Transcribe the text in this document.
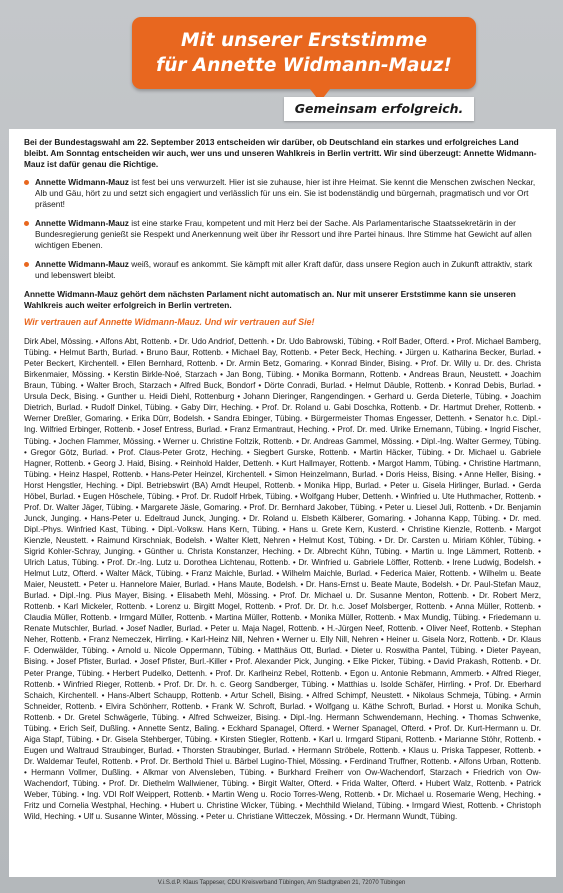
Mit unserer Erststimme
für Annette Widmann-Mauz!
Gemeinsam erfolgreich.

Bei der Bundestagswahl am 22. September 2013 entscheiden wir darüber, ob Deutschland ein starkes und erfolgreiches Land bleibt. Am Sonntag entscheiden wir auch, wer uns und unseren Wahlkreis in Berlin vertritt. Wir sind überzeugt: Annette Widmann-Mauz ist dafür genau die Richtige.

Annette Widmann-Mauz ist fest bei uns verwurzelt. Hier ist sie zuhause, hier ist ihre Heimat. Sie kennt die Menschen zwischen Neckar, Alb und Gäu, hört zu und setzt sich engagiert und verlässlich für uns ein. Sie ist bodenständig und bürgernah, pragmatisch und vor Ort präsent!

Annette Widmann-Mauz ist eine starke Frau, kompetent und mit Herz bei der Sache. Als Parlamentarische Staatssekretärin in der Bundesregierung genießt sie Respekt und Anerkennung weit über ihr Ressort und ihre Partei hinaus. Ihre Stimme hat Gewicht auf allen wichtigen Ebenen.

Annette Widmann-Mauz weiß, worauf es ankommt. Sie kämpft mit aller Kraft dafür, dass unsere Region auch in Zukunft attraktiv, stark und lebenswert bleibt.

Annette Widmann-Mauz gehört dem nächsten Parlament nicht automatisch an. Nur mit unserer Erststimme kann sie unseren Wahlkreis auch weiter erfolgreich in Berlin vertreten.

Wir vertrauen auf Annette Widmann-Mauz. Und wir vertrauen auf Sie!

Dirk Abel, Mössing. • Alfons Abt, Rottenb. • Dr. Udo Andriof, Dettenh. • Dr. Udo Babrowski, Tübing. • Rolf Bader, Ofterd. • Prof. Michael Bamberg, Tübing. • Helmut Barth, Burlad. • Bruno Baur, Rottenb. • Michael Bay, Rottenb. • Peter Beck, Heching. • Jürgen u. Katharina Becker, Burlad. • Peter Beckert, Kirchentell. • Ellen Bernhard, Rottenb. • Dr. Armin Betz, Gomaring. • Konrad Binder, Bising. • Prof. Dr. Willy u. Dr. des. Christa Birkenmaier, Mössing. • Kerstin Birkle-Noé, Starzach • Jan Bong, Tübing. • Monika Bormann, Rottenb. • Andreas Braun, Neustett. • Joachim Braun, Tübing. • Walter Broch, Starzach • Alfred Buck, Bondorf • Dörte Conradi, Burlad. • Helmut Däuble, Rottenb. • Konrad Debis, Burlad. • Ursula Deck, Bising. • Gunther u. Heidi Diehl, Rottenburg • Johann Dieringer, Rangendingen. • Gerhard u. Gerda Dieterle, Tübing. • Joachim Dietrich, Burlad. • Rudolf Dinkel, Tübing. • Gaby Dirr, Heching. • Prof. Dr. Roland u. Gabi Doschka, Rottenb. • Dr. Hartmut Dreher, Rottenb. • Werner Dreßler, Gomaring. • Erika Dürr, Bodelsh. • Sandra Ebinger, Tübing. • Bürgermeister Thomas Engesser, Dettenh. • Senator h.c. Dipl.-Ing. Wilfried Erbinger, Rottenb. • Josef Entress, Burlad. • Franz Ermantraut, Heching. • Prof. Dr. med. Ulrike Ernemann, Tübing. • Ingrid Fischer, Tübing. • Jochen Flammer, Mössing. • Werner u. Christine Foltzik, Rottenb. • Dr. Andreas Gammel, Mössing. • Dipl.-Ing. Walter Germey, Tübing. • Gregor Götz, Burlad. • Prof. Claus-Peter Grotz, Heching. • Siegbert Gurske, Rottenb. • Martin Häcker, Tübing. • Dr. Michael u. Gabriele Hagner, Rottenb. • Georg J. Haid, Bising. • Reinhold Halder, Dettenh. • Kurt Hallmayer, Rottenb. • Margot Hamm, Tübing. • Christine Hartmann, Tübing. • Heinz Haspel, Rottenb. • Hans-Peter Heinzel, Kirchentell. • Simon Heinzelmann, Burlad. • Doris Heiss, Bising. • Anne Heller, Bising. • Horst Hengstler, Heching. • Dipl. Betriebswirt (BA) Arndt Heupel, Rottenb. • Monika Hipp, Burlad. • Peter u. Gisela Hirlinger, Burlad. • Gerda Höbel, Burlad. • Eugen Höschele, Tübing. • Prof. Dr. Rudolf Hrbek, Tübing. • Wolfgang Huber, Dettenh. • Winfried u. Ute Huthmacher, Rottenb. • Prof. Dr. Walter Jäger, Tübing. • Margarete Jäsle, Gomaring. • Prof. Dr. Bernhard Jakober, Tübing. • Peter u. Liesel Juli, Rottenb. • Dr. Benjamin Junck, Junging. • Hans-Peter u. Edeltraud Junck, Junging. • Dr. Roland u. Elsbeth Kälberer, Gomaring. • Johanna Kapp, Tübing. • Dr. med. Dipl.-Phys. Winfried Kast, Tübing. • Dipl.-Volksw. Hans Kern, Tübing. • Hans u. Grete Kern, Kusterd. • Christine Kienzle, Rottenb. • Margot Kienzle, Neustett. • Raimund Kirschniak, Bodelsh. • Walter Klett, Nehren • Helmut Kost, Tübing. • Dr. Dr. Carsten u. Miriam Köhler, Tübing. • Sigrid Kohler-Schray, Junging. • Günther u. Christa Konstanzer, Heching. • Dr. Albrecht Kühn, Tübing. • Martin u. Inge Lämmert, Rottenb. • Ulrich Latus, Tübing. • Prof. Dr.-Ing. Lutz u. Dorothea Lichtenau, Rottenb. • Dr. Winfried u. Gabriele Löffler, Rottenb. • Irene Ludwig, Bodelsh. • Helmut Lutz, Ofterd. • Walter Mäck, Tübing. • Franz Maichle, Burlad. • Wilhelm Maichle, Burlad. • Federica Maier, Rottenb. • Wilhelm u. Beate Maier, Neustett. • Peter u. Hannelore Maier, Burlad. • Hans Maute, Bodelsh. • Dr. Hans-Ernst u. Beate Maute, Bodelsh. • Dr. Paul-Stefan Mauz, Burlad. • Dipl.-Ing. Pius Mayer, Bising. • Elisabeth Mehl, Mössing. • Prof. Dr. Michael u. Dr. Susanne Menton, Rottenb. • Dr. Robert Merz, Rottenb. • Karl Mickeler, Rottenb. • Lorenz u. Birgitt Mogel, Rottenb. • Prof. Dr. Dr. h.c. Josef Molsberger, Rottenb. • Anna Müller, Rottenb. • Claudia Müller, Rottenb. • Irmgard Müller, Rottenb. • Martina Müller, Rottenb. • Monika Müller, Rottenb. • Max Mundig, Tübing. • Friedemann u. Renate Mutschler, Burlad. • Josef Nadler, Burlad. • Peter u. Maja Nagel, Rottenb. • H.-Jürgen Neef, Rottenb. • Oliver Neef, Rottenb. • Stephan Neher, Rottenb. • Franz Nemeczek, Hirrling. • Karl-Heinz Nill, Nehren • Werner u. Elly Nill, Nehren • Heiner u. Gisela Norz, Rottenb. • Dr. Klaus F. Odenwälder, Tübing. • Arnold u. Nicole Oppermann, Tübing. • Matthäus Ott, Burlad. • Dieter u. Roswitha Pantel, Tübing. • Dieter Payean, Bising. • Josef Pfister, Burlad. • Josef Pfister, Burl.-Killer • Prof. Alexander Pick, Junging. • Elke Picker, Tübing. • David Prakash, Rottenb. • Dr. Peter Prange, Tübing. • Herbert Pudelko, Dettenh. • Prof. Dr. Karlheinz Rebel, Rottenb. • Egon u. Antonie Rebmann, Ammerb. • Alfred Rieger, Rottenb. • Winfried Rieger, Rottenb. • Prof. Dr. Dr. h. c. Georg Sandberger, Tübing. • Matthias u. Isolde Schäfer, Hirrling. • Prof. Dr. Eberhard Schaich, Kirchentell. • Hans-Albert Schaupp, Rottenb. • Artur Schell, Bising. • Alfred Schimpf, Neustett. • Nikolaus Schmeja, Tübing. • Armin Schneider, Rottenb. • Elvira Schönherr, Rottenb. • Frank W. Schroft, Burlad. • Wolfgang u. Käthe Schroft, Burlad. • Horst u. Monika Schuh, Rottenb. • Dr. Gretel Schwägerle, Tübing. • Alfred Schweizer, Bising. • Dipl.-Ing. Hermann Schwendemann, Heching. • Thomas Schwenke, Tübing. • Erich Seif, Dußling. • Annette Sentz, Baling. • Eckhard Spanagel, Ofterd. • Werner Spanagel, Ofterd. • Prof. Dr. Kurt-Hermann u. Dr. Aiga Stapf, Tübing. • Dr. Gisela Stehberger, Tübing. • Kirsten Stiegler, Rottenb. • Karl u. Irmgard Stipani, Rottenb. • Marianne Stöhr, Rottenb. • Eugen und Waltraud Straubinger, Burlad. • Thorsten Straubinger, Burlad. • Hermann Ströbele, Rottenb. • Klaus u. Priska Tappeser, Rottenb. • Dr. Waldemar Teufel, Rottenb. • Prof. Dr. Berthold Thiel u. Bärbel Lugino-Thiel, Mössing. • Ferdinand Truffner, Rottenb. • Alfons Urban, Rottenb. • Hermann Vollmer, Dußling. • Alkmar von Alvensleben, Tübing. • Burkhard Freiherr von Ow-Wachendorf, Starzach • Friedrich von Ow-Wachendorf, Tübing. • Prof. Dr. Diethelm Wallwiener, Tübing. • Birgit Walter, Ofterd. • Frida Walter, Ofterd. • Hubert Walz, Rottenb. • Patrick Weber, Tübing. • Ing. VDI Rolf Weippert, Rottenb. • Martin Weng u. Rocio Torres-Weng, Rottenb. • Dr. Michael u. Rosemarie Weng, Heching. • Fritz und Cornelia Westphal, Heching. • Hubert u. Christine Wicker, Tübing. • Mechthild Wieland, Tübing. • Irmgard Wiest, Rottenb. • Christoph Wild, Heching. • Ulf u. Susanne Winter, Mössing. • Peter u. Christiane Witteczek, Mössing. • Dr. Hermann Wundt, Tübing.

V.i.S.d.P. Klaus Tappeser, CDU Kreisverband Tübingen, Am Stadtgraben 21, 72070 Tübingen
